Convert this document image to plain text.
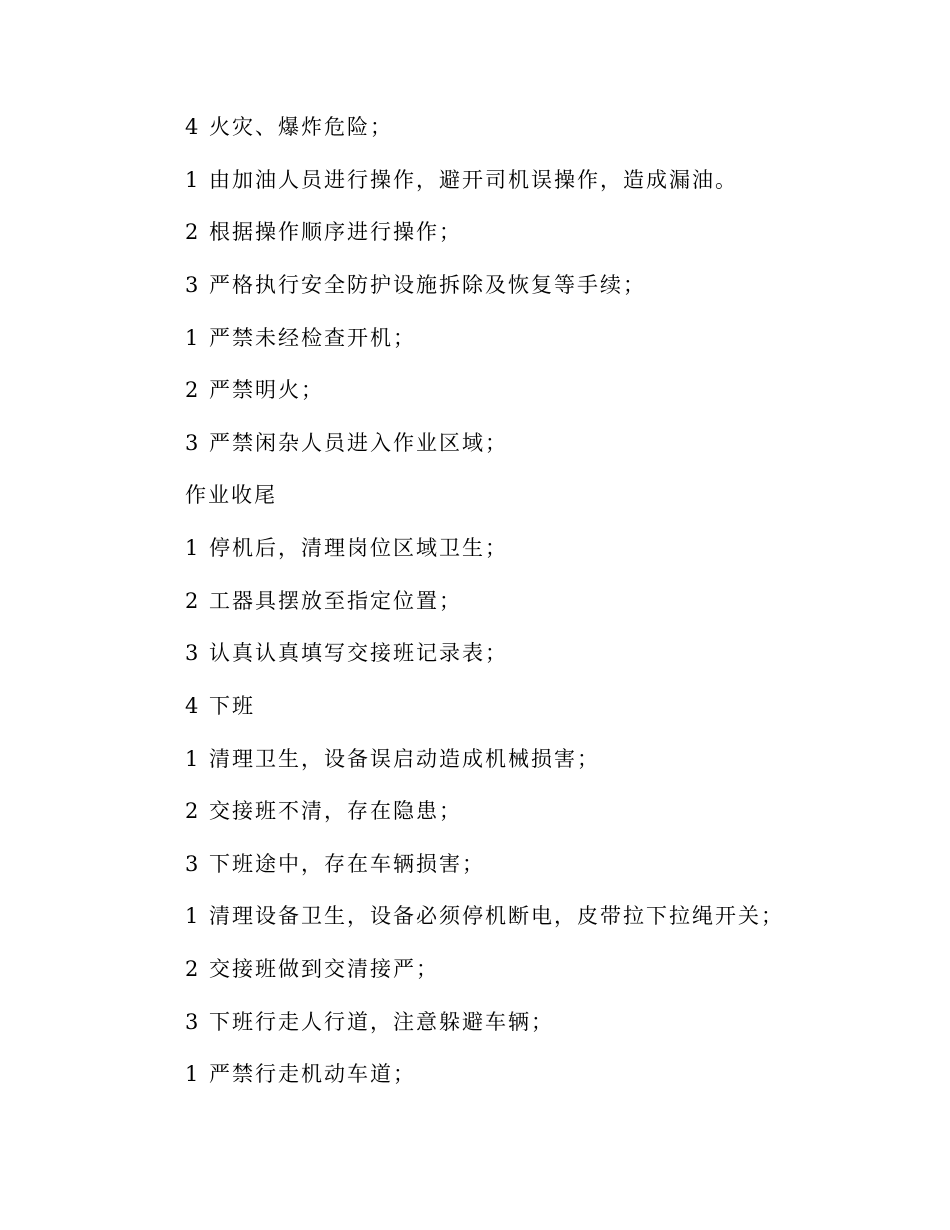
4 火灾、爆炸危险；

1 由加油人员进行操作，避开司机误操作，造成漏油。

2 根据操作顺序进行操作；

3 严格执行安全防护设施拆除及恢复等手续；

1 严禁未经检查开机；

2 严禁明火；

3 严禁闲杂人员进入作业区域；

作业收尾

1 停机后，清理岗位区域卫生；

2 工器具摆放至指定位置；

3 认真认真填写交接班记录表；

4 下班

1 清理卫生，设备误启动造成机械损害；

2 交接班不清，存在隐患；

3 下班途中，存在车辆损害；

1 清理设备卫生，设备必须停机断电，皮带拉下拉绳开关；

2 交接班做到交清接严；

3 下班行走人行道，注意躲避车辆；

1 严禁行走机动车道；
